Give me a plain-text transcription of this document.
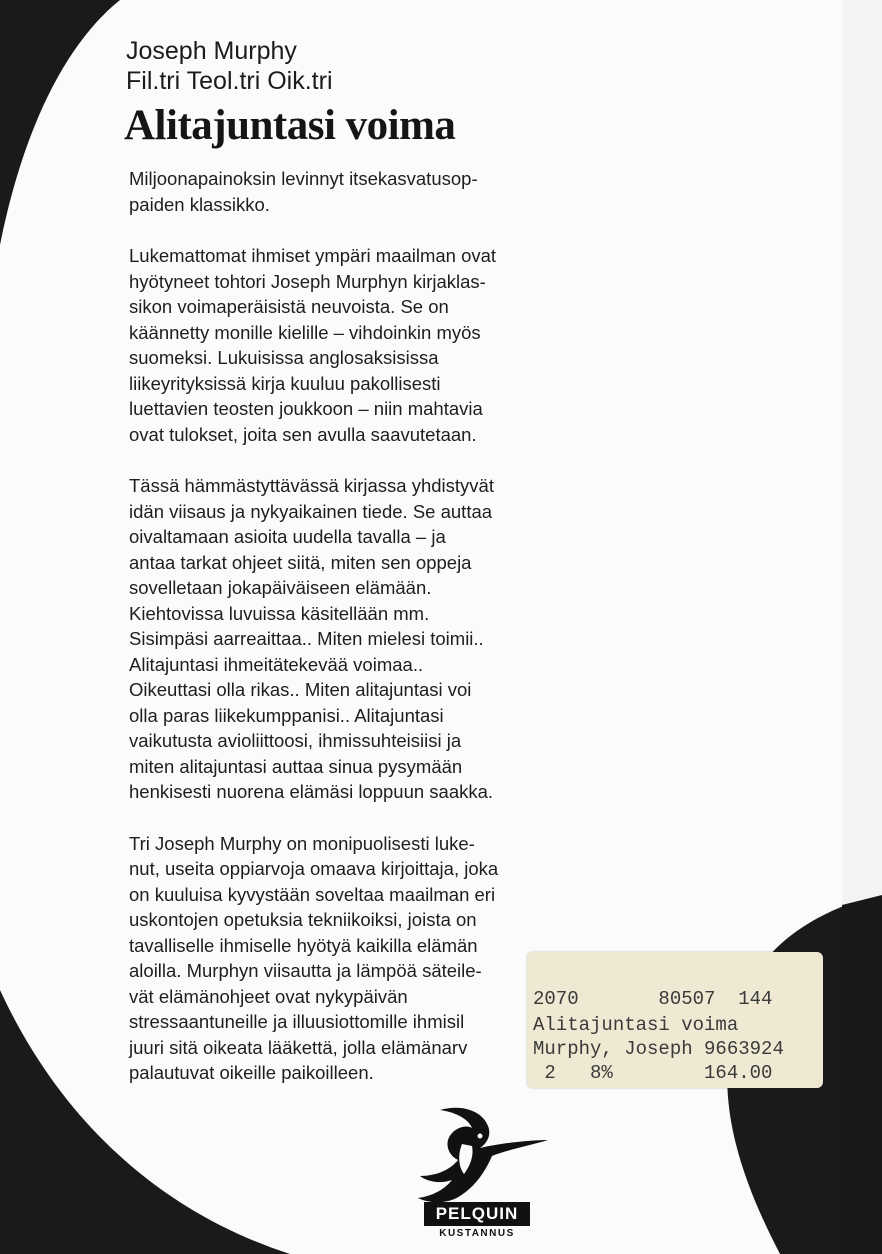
Joseph Murphy
Fil.tri Teol.tri Oik.tri
Alitajuntasi voima

Miljoonapainoksin levinnyt itsekasvatusop-
paiden klassikko.

Lukemattomat ihmiset ympäri maailman ovat
hyötyneet tohtori Joseph Murphyn kirjaklas-
sikon voimaperäisistä neuvoista. Se on
käännetty monille kielille – vihdoinkin myös
suomeksi. Lukuisissa anglosaksisissa
liikeyrityksissä kirja kuuluu pakollisesti
luettavien teosten joukkoon – niin mahtavia
ovat tulokset, joita sen avulla saavutetaan.

Tässä hämmästyttävässä kirjassa yhdistyvät
idän viisaus ja nykyaikainen tiede. Se auttaa
oivaltamaan asioita uudella tavalla – ja
antaa tarkat ohjeet siitä, miten sen oppeja
sovelletaan jokapäiväiseen elämään.
Kiehtovissa luvuissa käsitellään mm.
Sisimpäsi aarreaittaa.. Miten mielesi toimii..
Alitajuntasi ihmeitätekevää voimaa..
Oikeuttasi olla rikas.. Miten alitajuntasi voi
olla paras liikekumppanisi.. Alitajuntasi
vaikutusta avioliittoosi, ihmissuhteisiisi ja
miten alitajuntasi auttaa sinua pysymään
henkisesti nuorena elämäsi loppuun saakka.

Tri Joseph Murphy on monipuolisesti luke-
nut, useita oppiarvoja omaava kirjoittaja, joka
on kuuluisa kyvystään soveltaa maailman eri
uskontojen opetuksia tekniikoiksi, joista on
tavalliselle ihmiselle hyötyä kaikilla elämän
aloilla. Murphyn viisautta ja lämpöä säteile-
vät elämänohjeet ovat nykypäivän
stressaantuneille ja illuusiottomille ihmisil
juuri sitä oikeata lääkettä, jolla elämänarv
palautuvat oikeille paikoilleen.

2070       80507  144
Alitajuntasi voima
Murphy, Joseph 9663924
2   8%        164.00
PELQUIN
KUSTANNUS
